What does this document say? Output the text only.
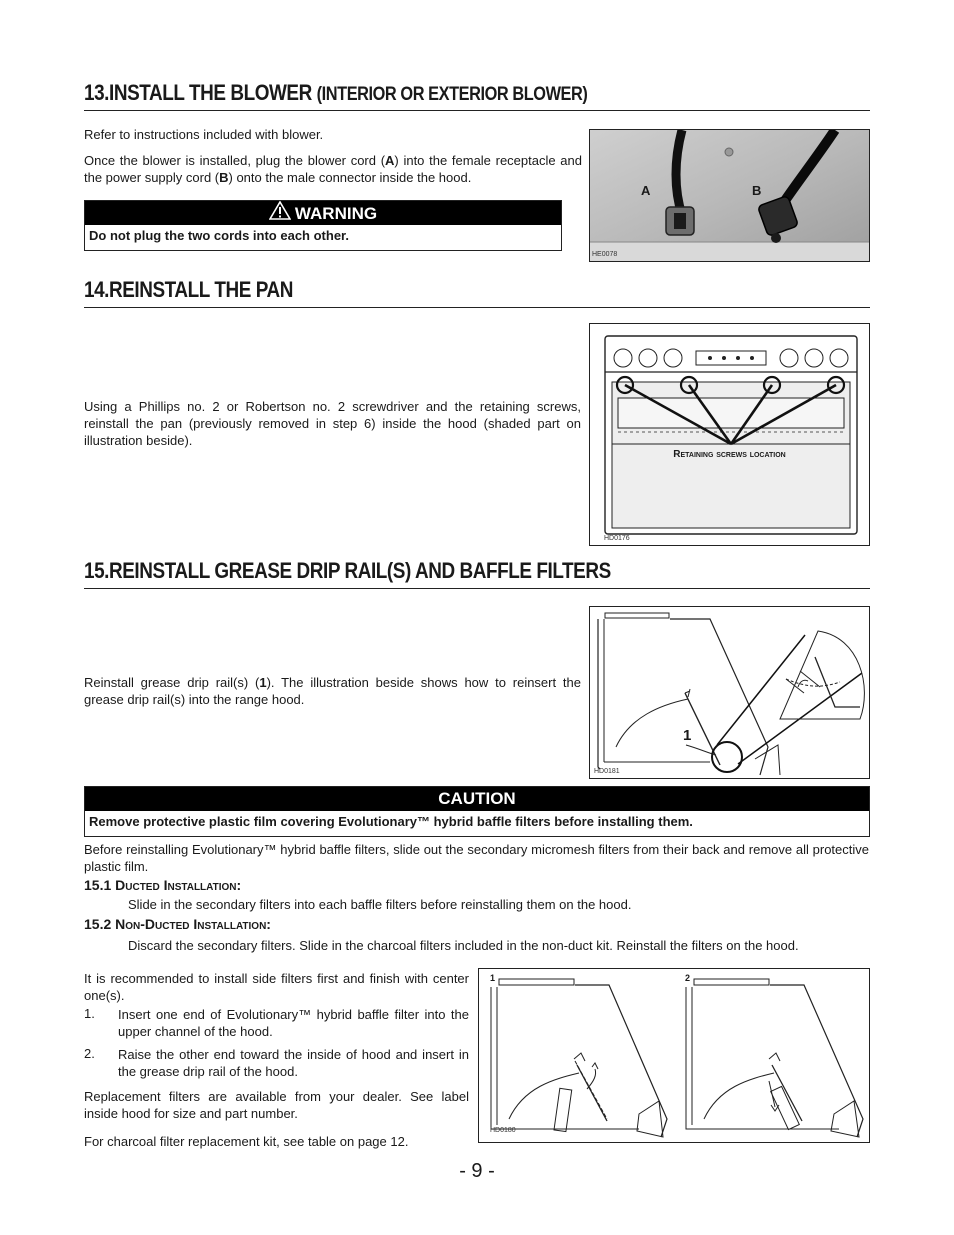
13.INSTALL THE BLOWER (INTERIOR OR EXTERIOR BLOWER)
Refer to instructions included with blower.
Once the blower is installed, plug the blower cord (A) into the female receptacle and the power supply cord (B) onto the male connector inside the hood.
WARNING
Do not plug the two cords into each other.
A	B
HE0078
14.REINSTALL THE PAN
Using a Phillips no. 2 or Robertson no. 2 screwdriver and the retaining screws, reinstall the pan (previously removed in step 6) inside the hood (shaded part on illustration beside).
Retaining screws location
HD0176
15.REINSTALL GREASE DRIP RAIL(S) AND BAFFLE FILTERS
Reinstall grease drip rail(s) (1). The illustration beside shows how to reinsert the grease drip rail(s) into the range hood.
1
HD0181
CAUTION
Remove protective plastic film covering Evolutionary™ hybrid baffle filters before installing them.
Before reinstalling Evolutionary™ hybrid baffle filters, slide out the secondary micromesh filters from their back and remove all protective plastic film.
15.1 Ducted Installation:
Slide in the secondary filters into each baffle filters before reinstalling them on the hood.
15.2 Non-Ducted Installation:
Discard the secondary filters. Slide in the charcoal filters included in the non-duct kit. Reinstall the filters on the hood.
It is recommended to install side filters first and finish with center one(s).
1. Insert one end of Evolutionary™ hybrid baffle filter into the upper channel of the hood.
2. Raise the other end toward the inside of hood and insert in the grease drip rail of the hood.
Replacement filters are available from your dealer. See label inside hood for size and part number.
For charcoal filter replacement kit, see table on page 12.
1	2
HD0180
- 9 -
